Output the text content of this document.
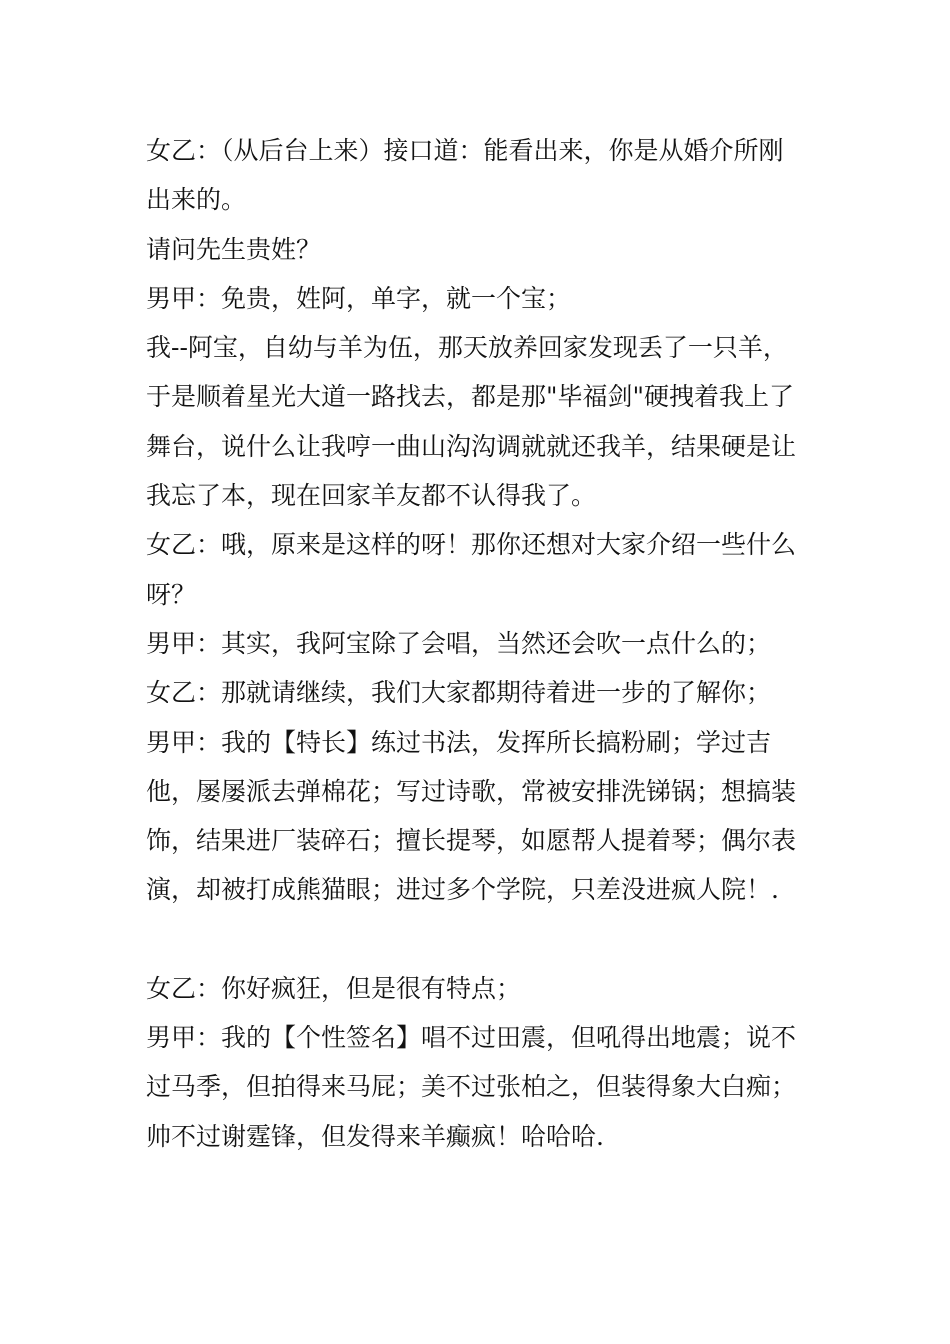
女乙：（从后台上来）接口道：能看出来，你是从婚介所刚出来的。

请问先生贵姓？

男甲：免贵，姓阿，单字，就一个宝；

我--阿宝，自幼与羊为伍，那天放养回家发现丢了一只羊，于是顺着星光大道一路找去，都是那"毕福剑"硬拽着我上了舞台，说什么让我哼一曲山沟沟调就就还我羊，结果硬是让我忘了本，现在回家羊友都不认得我了。

女乙：哦，原来是这样的呀！那你还想对大家介绍一些什么呀？

男甲：其实，我阿宝除了会唱，当然还会吹一点什么的；

女乙：那就请继续，我们大家都期待着进一步的了解你；

男甲：我的【特长】练过书法，发挥所长搞粉刷；学过吉他，屡屡派去弹棉花；写过诗歌，常被安排洗锑锅；想搞装饰，结果进厂装碎石；擅长提琴，如愿帮人提着琴；偶尔表演，却被打成熊猫眼；进过多个学院，只差没进疯人院！.

女乙：你好疯狂，但是很有特点；

男甲：我的【个性签名】唱不过田震，但吼得出地震；说不过马季，但拍得来马屁；美不过张柏之，但装得象大白痴；帅不过谢霆锋，但发得来羊癫疯！哈哈哈.
